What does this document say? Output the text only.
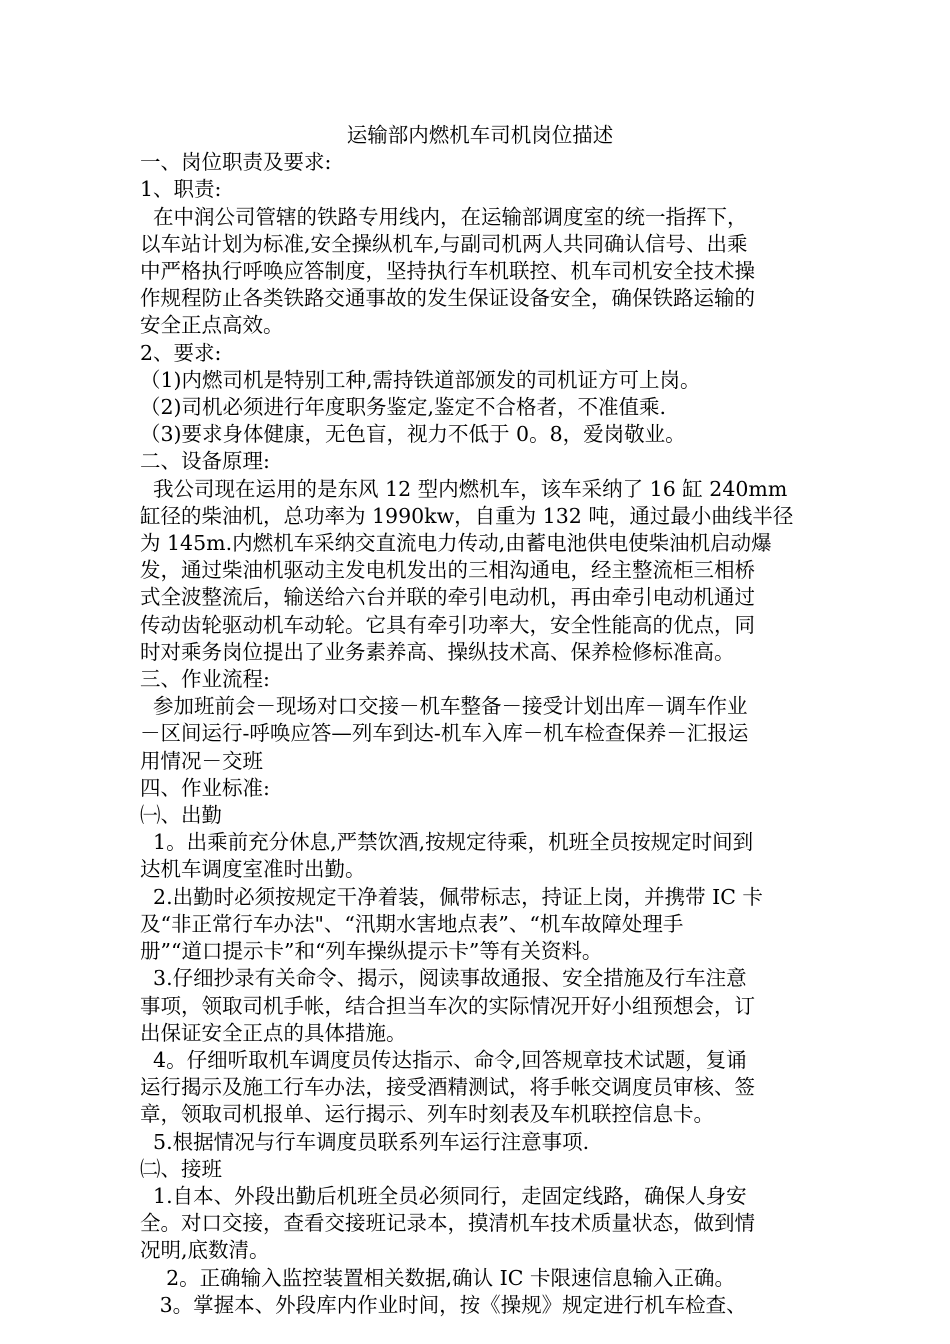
运输部内燃机车司机岗位描述

一、岗位职责及要求:

1、职责:

在中润公司管辖的铁路专用线内，在运输部调度室的统一指挥下，

以车站计划为标准,安全操纵机车,与副司机两人共同确认信号、出乘

中严格执行呼唤应答制度，坚持执行车机联控、机车司机安全技术操

作规程防止各类铁路交通事故的发生保证设备安全，确保铁路运输的

安全正点高效。

2、要求:

（1)内燃司机是特别工种,需持铁道部颁发的司机证方可上岗。

（2)司机必须进行年度职务鉴定,鉴定不合格者，不准值乘.

（3)要求身体健康，无色盲，视力不低于 0。8，爱岗敬业。

二、设备原理:

我公司现在运用的是东风 12 型内燃机车，该车采纳了 16 缸 240mm

缸径的柴油机，总功率为 1990kw，自重为 132 吨，通过最小曲线半径

为 145m.内燃机车采纳交直流电力传动,由蓄电池供电使柴油机启动爆

发，通过柴油机驱动主发电机发出的三相沟通电，经主整流柜三相桥

式全波整流后，输送给六台并联的牵引电动机，再由牵引电动机通过

传动齿轮驱动机车动轮。它具有牵引功率大，安全性能高的优点，同

时对乘务岗位提出了业务素养高、操纵技术高、保养检修标准高。

三、作业流程:

参加班前会－现场对口交接－机车整备－接受计划出库－调车作业

－区间运行-呼唤应答—列车到达-机车入库－机车检查保养－汇报运

用情况－交班

四、作业标准:

㈠、出勤

1。出乘前充分休息,严禁饮酒,按规定待乘，机班全员按规定时间到

达机车调度室准时出勤。

2.出勤时必须按规定干净着装，佩带标志，持证上岗，并携带 IC 卡

及“非正常行车办法"、“汛期水害地点表”、“机车故障处理手

册”“道口提示卡”和“列车操纵提示卡”等有关资料。

3.仔细抄录有关命令、揭示，阅读事故通报、安全措施及行车注意

事项，领取司机手帐，结合担当车次的实际情况开好小组预想会，订

出保证安全正点的具体措施。

4。仔细听取机车调度员传达指示、命令,回答规章技术试题，复诵

运行揭示及施工行车办法，接受酒精测试，将手帐交调度员审核、签

章，领取司机报单、运行揭示、列车时刻表及车机联控信息卡。

5.根据情况与行车调度员联系列车运行注意事项.

㈡、接班

1.自本、外段出勤后机班全员必须同行，走固定线路，确保人身安

全。对口交接，查看交接班记录本，摸清机车技术质量状态，做到情

况明,底数清。

2。正确输入监控装置相关数据,确认 IC 卡限速信息输入正确。

3。掌握本、外段库内作业时间，按《操规》规定进行机车检查、
